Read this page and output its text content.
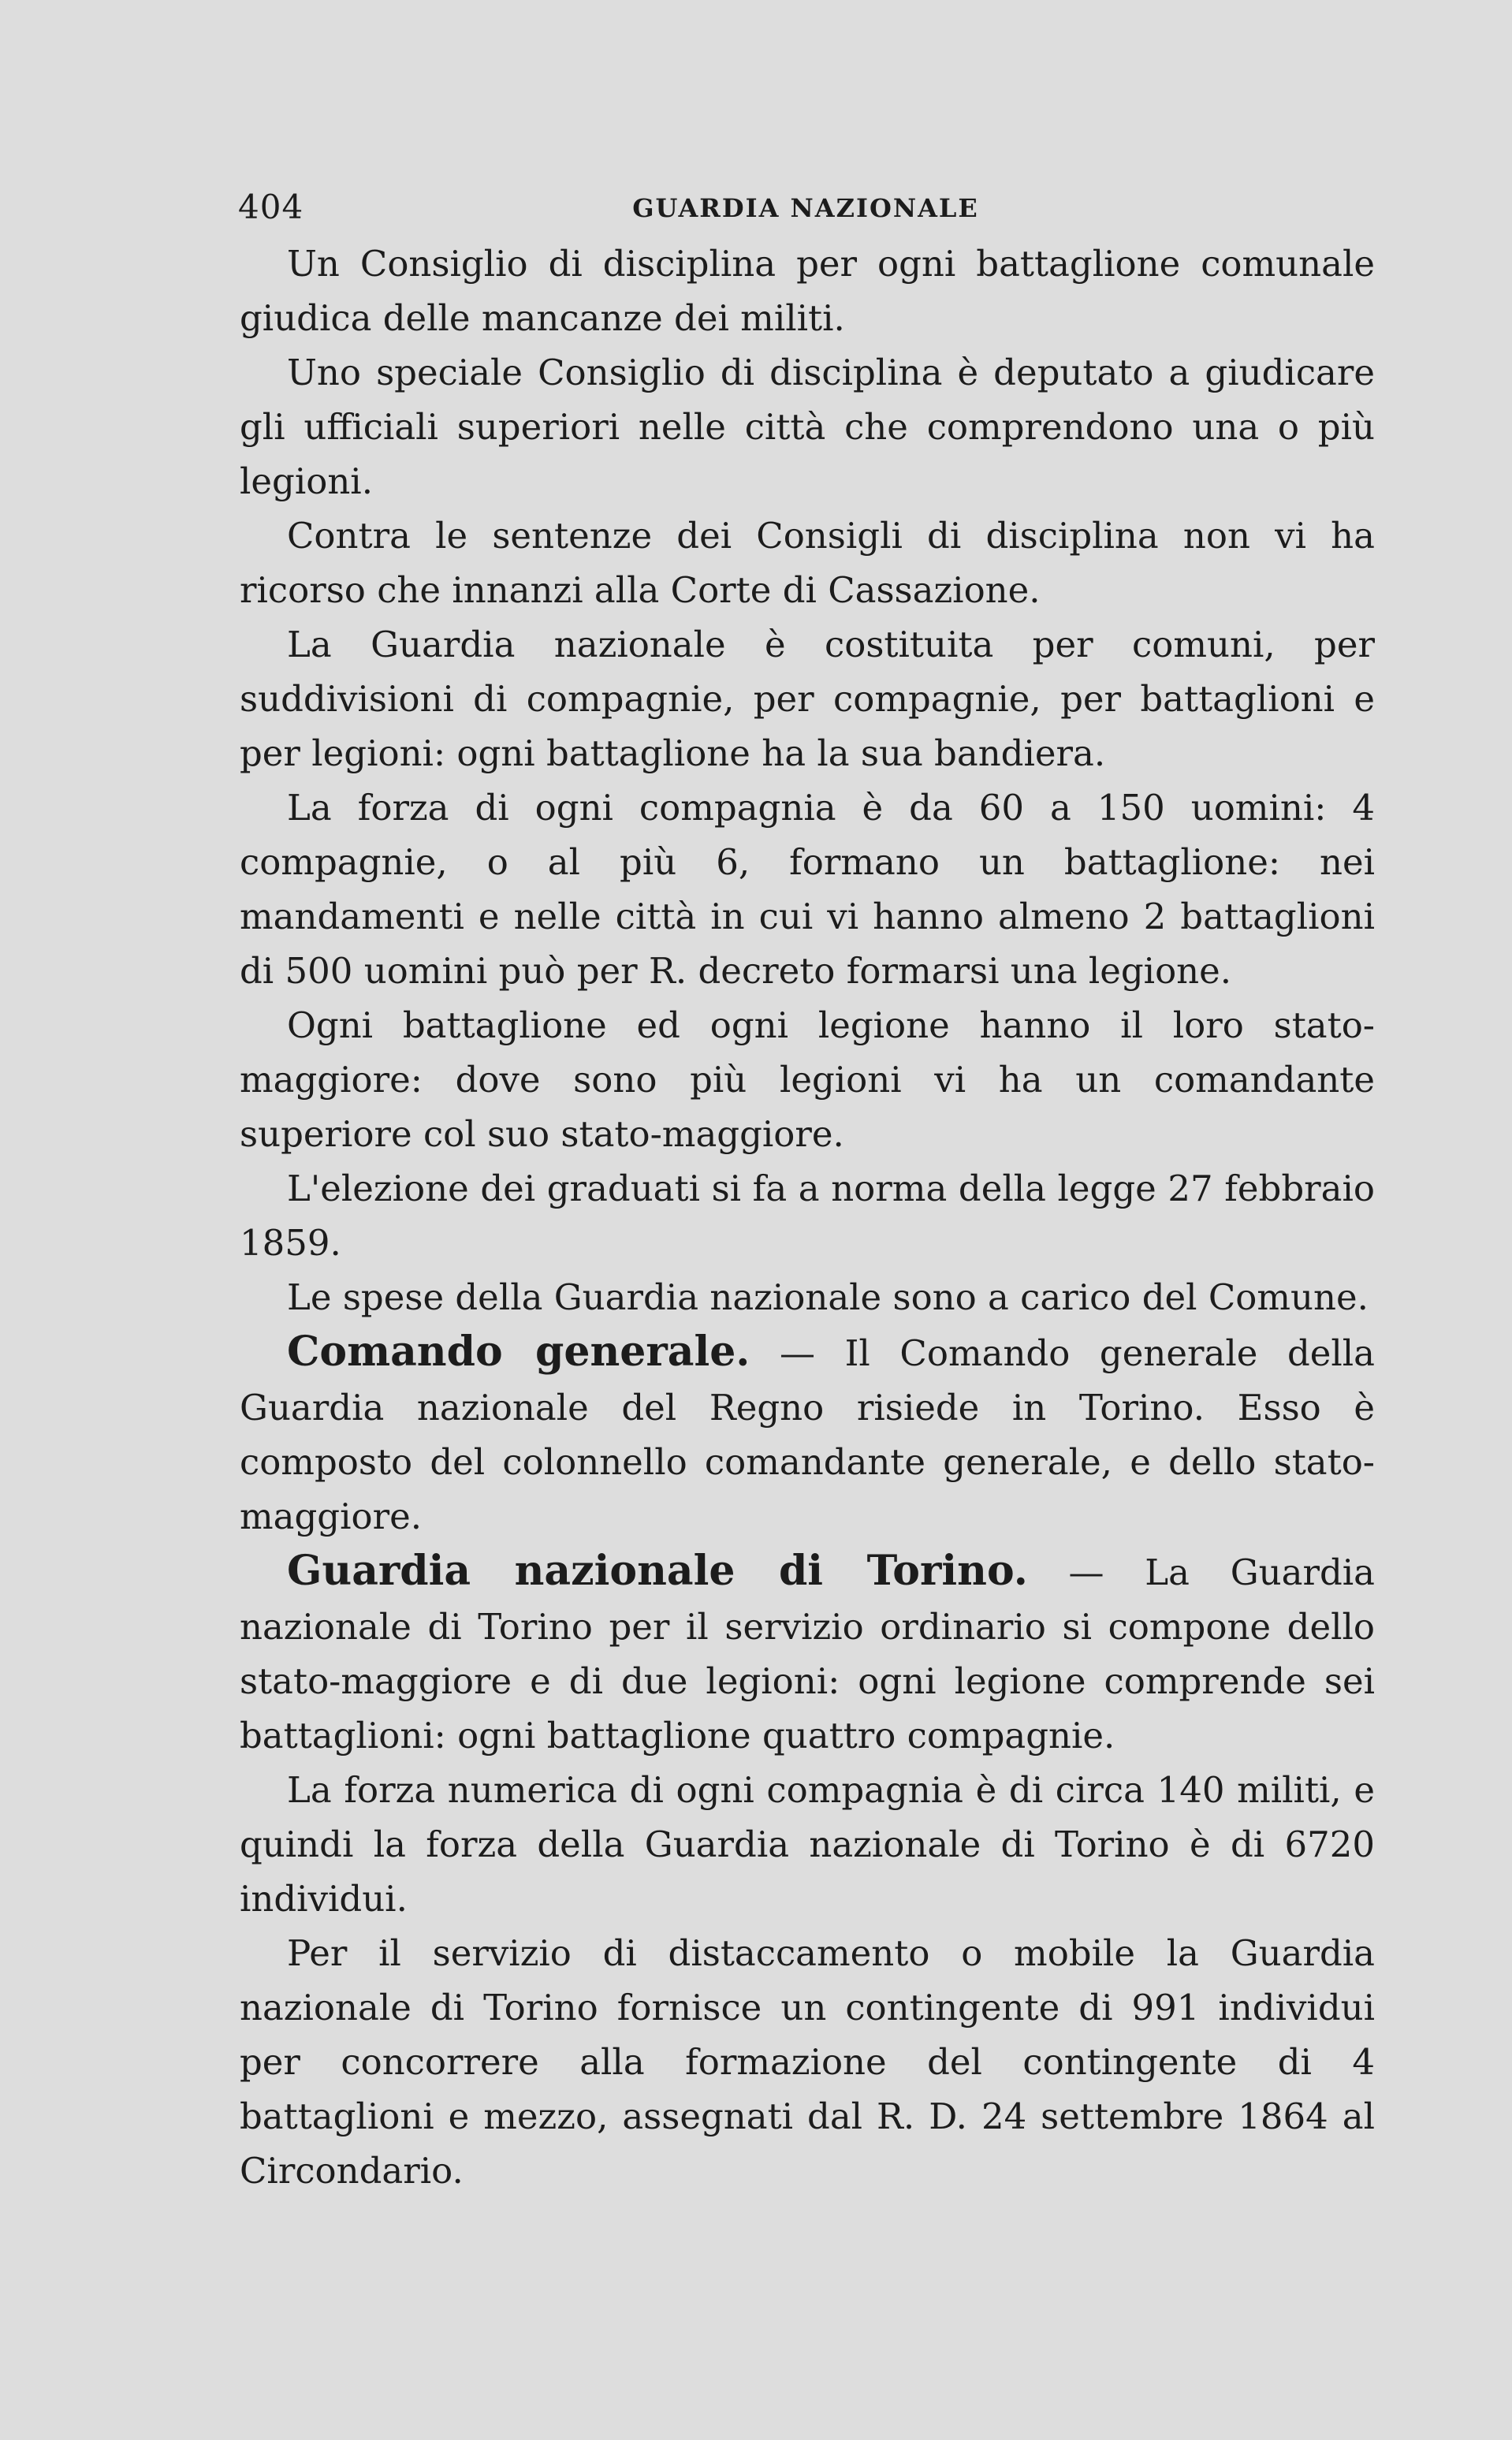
404	GUARDIA NAZIONALE

Un Consiglio di disciplina per ogni battaglione comunale giudica delle mancanze dei militi.

Uno speciale Consiglio di disciplina è deputato a giudicare gli ufficiali superiori nelle città che comprendono una o più legioni.

Contra le sentenze dei Consigli di disciplina non vi ha ricorso che innanzi alla Corte di Cassazione.

La Guardia nazionale è costituita per comuni, per suddivisioni di compagnie, per compagnie, per battaglioni e per legioni: ogni battaglione ha la sua bandiera.

La forza di ogni compagnia è da 60 a 150 uomini: 4 compagnie, o al più 6, formano un battaglione: nei mandamenti e nelle città in cui vi hanno almeno 2 battaglioni di 500 uomini può per R. decreto formarsi una legione.

Ogni battaglione ed ogni legione hanno il loro stato-maggiore: dove sono più legioni vi ha un comandante superiore col suo stato-maggiore.

L'elezione dei graduati si fa a norma della legge 27 febbraio 1859.

Le spese della Guardia nazionale sono a carico del Comune.

Comando generale. — Il Comando generale della Guardia nazionale del Regno risiede in Torino. Esso è composto del colonnello comandante generale, e dello stato-maggiore.

Guardia nazionale di Torino. — La Guardia nazionale di Torino per il servizio ordinario si compone dello stato-maggiore e di due legioni: ogni legione comprende sei battaglioni: ogni battaglione quattro compagnie.

La forza numerica di ogni compagnia è di circa 140 militi, e quindi la forza della Guardia nazionale di Torino è di 6720 individui.

Per il servizio di distaccamento o mobile la Guardia nazionale di Torino fornisce un contingente di 991 individui per concorrere alla formazione del contingente di 4 battaglioni e mezzo, assegnati dal R. D. 24 settembre 1864 al Circondario.
